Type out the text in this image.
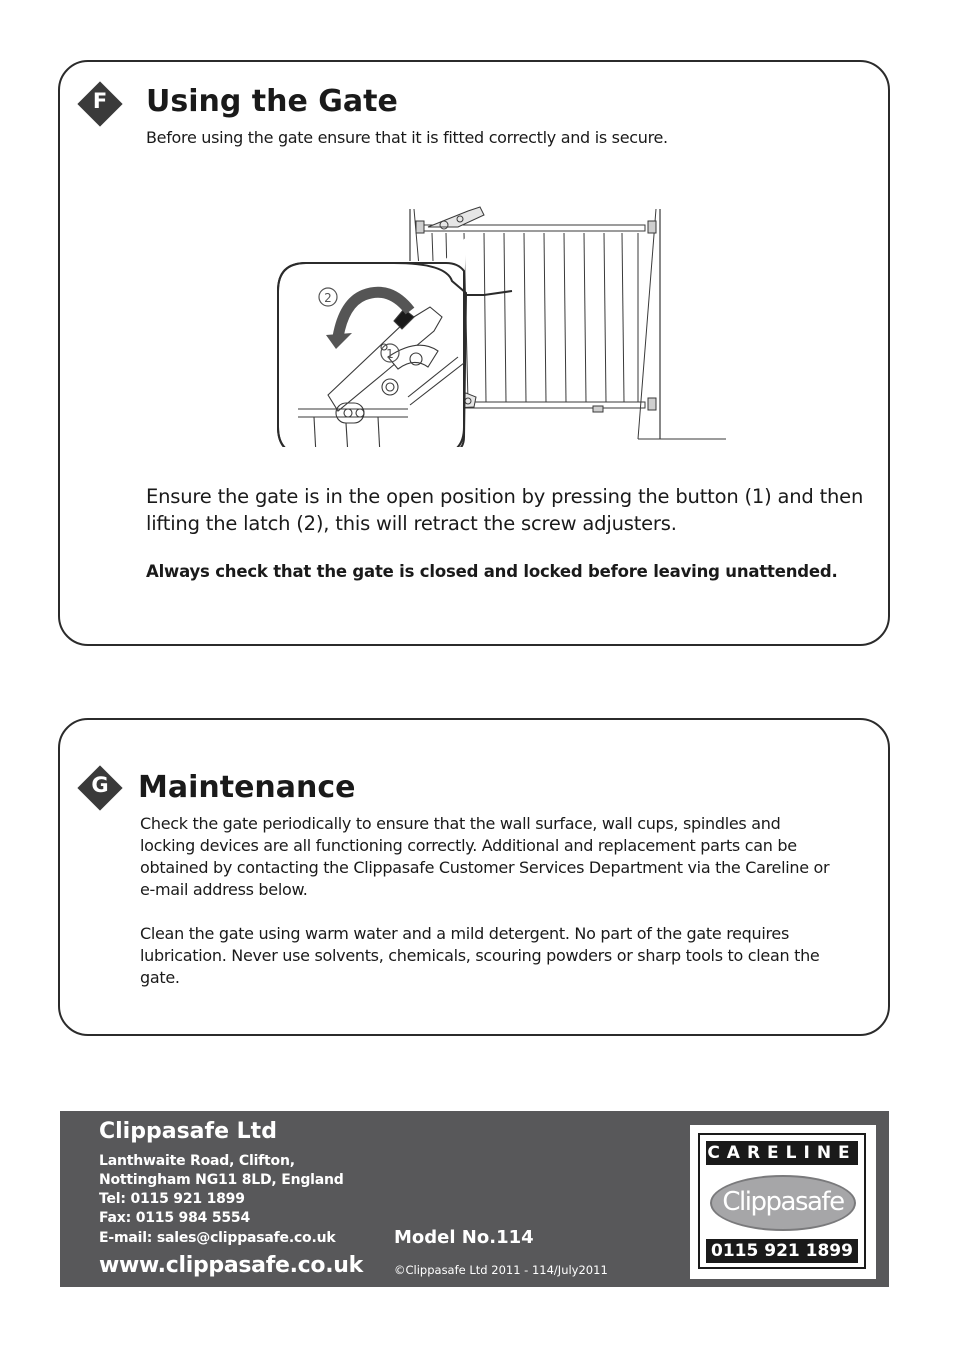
F	Using the Gate
Before using the gate ensure that it is fitted correctly and is secure.
2
1
Ensure the gate is in the open position by pressing the button (1) and then lifting the latch (2), this will retract the screw adjusters.
Always check that the gate is closed and locked before leaving unattended.
G Maintenance
Check the gate periodically to ensure that the wall surface, wall cups, spindles and locking devices are all functioning correctly. Additional and replacement parts can be obtained by contacting the Clippasafe Customer Services Department via the Careline or e-mail address below.
Clean the gate using warm water and a mild detergent. No part of the gate requires lubrication. Never use solvents, chemicals, scouring powders or sharp tools to clean the gate.
Clippasafe Ltd
Lanthwaite Road, Clifton,
Nottingham NG11 8LD, England
Tel: 0115 921 1899
Fax: 0115 984 5554
E-mail: sales@clippasafe.co.uk
www.clippasafe.co.uk
Model No.114
©Clippasafe Ltd 2011 - 114/July2011
CARELINE
Clippasafe
0115 921 1899
